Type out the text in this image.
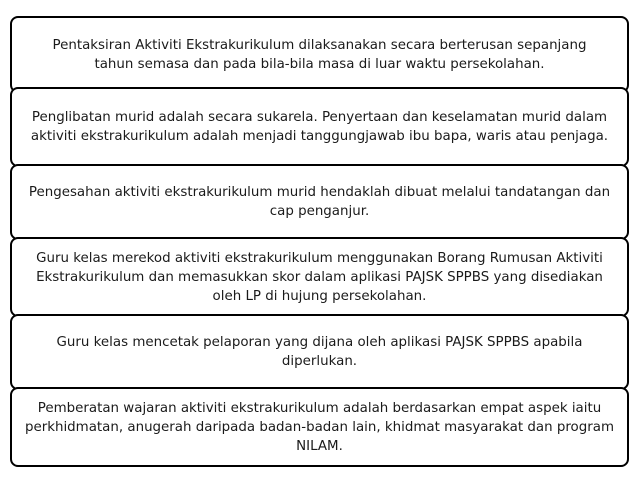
Pentaksiran Aktiviti Ekstrakurikulum dilaksanakan secara berterusan sepanjang tahun semasa dan pada bila-bila masa di luar waktu persekolahan.
Penglibatan murid adalah secara sukarela. Penyertaan dan keselamatan murid dalam aktiviti ekstrakurikulum adalah menjadi tanggungjawab ibu bapa, waris atau penjaga.
Pengesahan aktiviti ekstrakurikulum murid hendaklah dibuat melalui tandatangan dan cap penganjur.
Guru kelas merekod aktiviti ekstrakurikulum menggunakan Borang Rumusan Aktiviti Ekstrakurikulum dan memasukkan skor dalam aplikasi PAJSK SPPBS yang disediakan oleh LP di hujung persekolahan.
Guru kelas mencetak pelaporan yang dijana oleh aplikasi PAJSK SPPBS apabila diperlukan.
Pemberatan wajaran aktiviti ekstrakurikulum adalah berdasarkan empat aspek iaitu perkhidmatan, anugerah daripada badan-badan lain, khidmat masyarakat dan program NILAM.
